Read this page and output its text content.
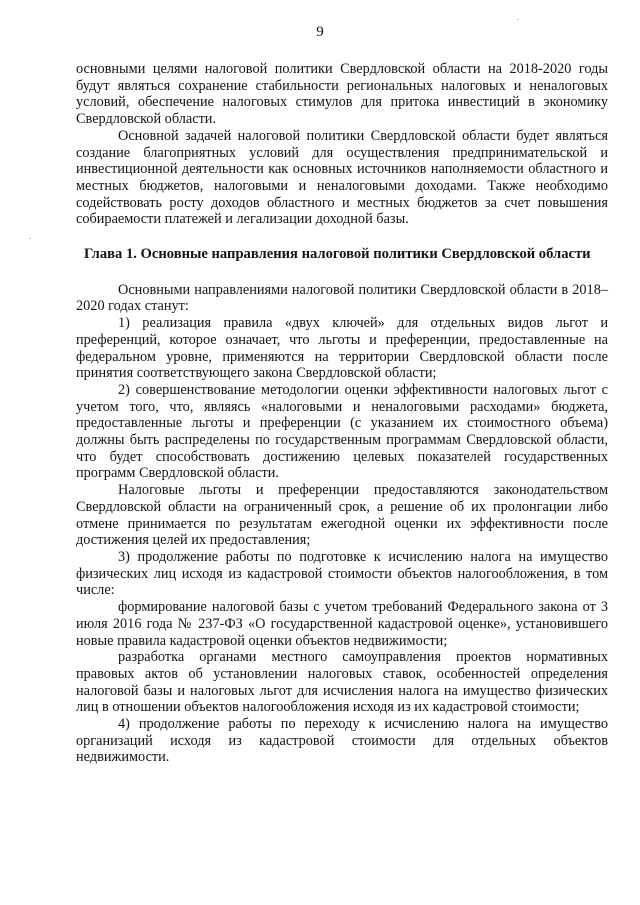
9
·
·

основными целями налоговой политики Свердловской области на 2018-2020 годы будут являться сохранение стабильности региональных налоговых и неналоговых условий, обеспечение налоговых стимулов для притока инвестиций в экономику Свердловской области.

Основной задачей налоговой политики Свердловской области будет являться создание благоприятных условий для осуществления предпринимательской и инвестиционной деятельности как основных источников наполняемости областного и местных бюджетов, налоговыми и неналоговыми доходами. Также необходимо содействовать росту доходов областного и местных бюджетов за счет повышения собираемости платежей и легализации доходной базы.

Глава 1. Основные направления налоговой политики Свердловской области

Основными направлениями налоговой политики Свердловской области в 2018–2020 годах станут:

1) реализация правила «двух ключей» для отдельных видов льгот и преференций, которое означает, что льготы и преференции, предоставленные на федеральном уровне, применяются на территории Свердловской области после принятия соответствующего закона Свердловской области;

2) совершенствование методологии оценки эффективности налоговых льгот с учетом того, что, являясь «налоговыми и неналоговыми расходами» бюджета, предоставленные льготы и преференции (с указанием их стоимостного объема) должны быть распределены по государственным программам Свердловской области, что будет способствовать достижению целевых показателей государственных программ Свердловской области.

Налоговые льготы и преференции предоставляются законодательством Свердловской области на ограниченный срок, а решение об их пролонгации либо отмене принимается по результатам ежегодной оценки их эффективности после достижения целей их предоставления;

3) продолжение работы по подготовке к исчислению налога на имущество физических лиц исходя из кадастровой стоимости объектов налогообложения, в том числе:

формирование налоговой базы с учетом требований Федерального закона от 3 июля 2016 года № 237-ФЗ «О государственной кадастровой оценке», установившего новые правила кадастровой оценки объектов недвижимости;

разработка органами местного самоуправления проектов нормативных правовых актов об установлении налоговых ставок, особенностей определения налоговой базы и налоговых льгот для исчисления налога на имущество физических лиц в отношении объектов налогообложения исходя из их кадастровой стоимости;

4) продолжение работы по переходу к исчислению налога на имущество организаций исходя из кадастровой стоимости для отдельных объектов недвижимости.
